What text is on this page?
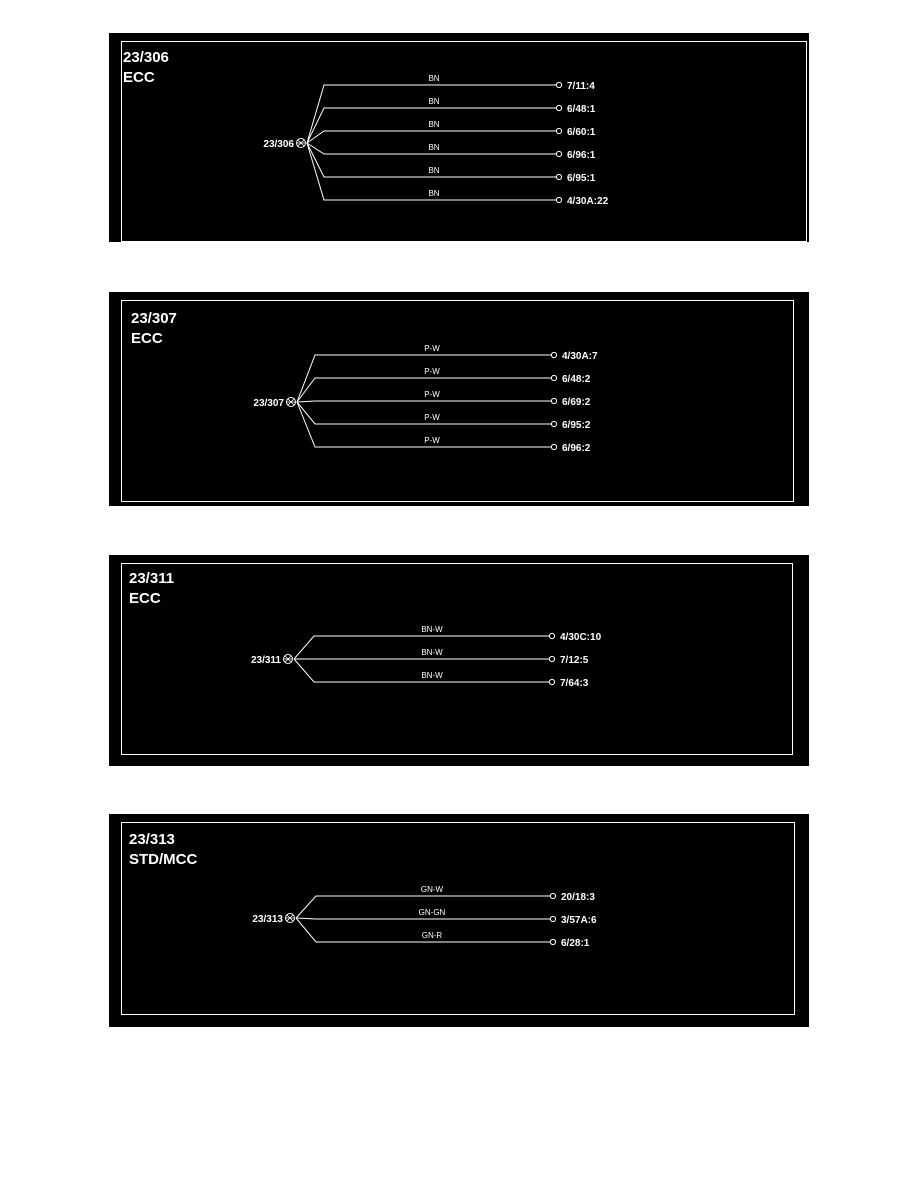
BN
7/11:4
BN
6/48:1
BN
6/60:1
BN
6/96:1
BN
6/95:1
BN
4/30A:22
23/306
23/306
ECC
P-W
4/30A:7
P-W
6/48:2
P-W
6/69:2
P-W
6/95:2
P-W
6/96:2
23/307
23/307
ECC
BN-W
4/30C:10
BN-W
7/12:5
BN-W
7/64:3
23/311
23/311
ECC
GN-W
20/18:3
GN-GN
3/57A:6
GN-R
6/28:1
23/313
23/313
STD/MCC
